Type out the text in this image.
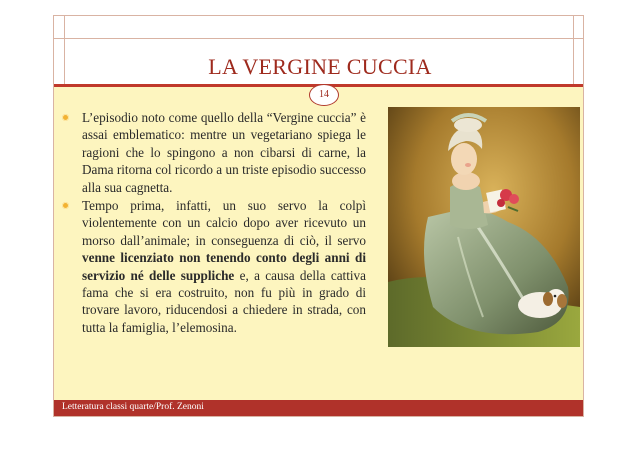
LA VERGINE CUCCIA
14

L’episodio noto come quello della “Vergine cuccia” è assai emblematico: mentre un vegetariano spiega le ragioni che lo spingono a non cibarsi di carne, la Dama ritorna col ricordo a un triste episodio successo alla sua cagnetta.

Tempo prima, infatti, un suo servo la colpì violentemente con un calcio dopo aver ricevuto un morso dall’animale; in conseguenza di ciò, il servo venne licenziato non tenendo conto degli anni di servizio né delle suppliche e, a causa della cattiva fama che si era costruito, non fu più in grado di trovare lavoro, riducendosi a chiedere in strada, con tutta la famiglia, l’elemosina.

Letteratura classi quarte/Prof. Zenoni
